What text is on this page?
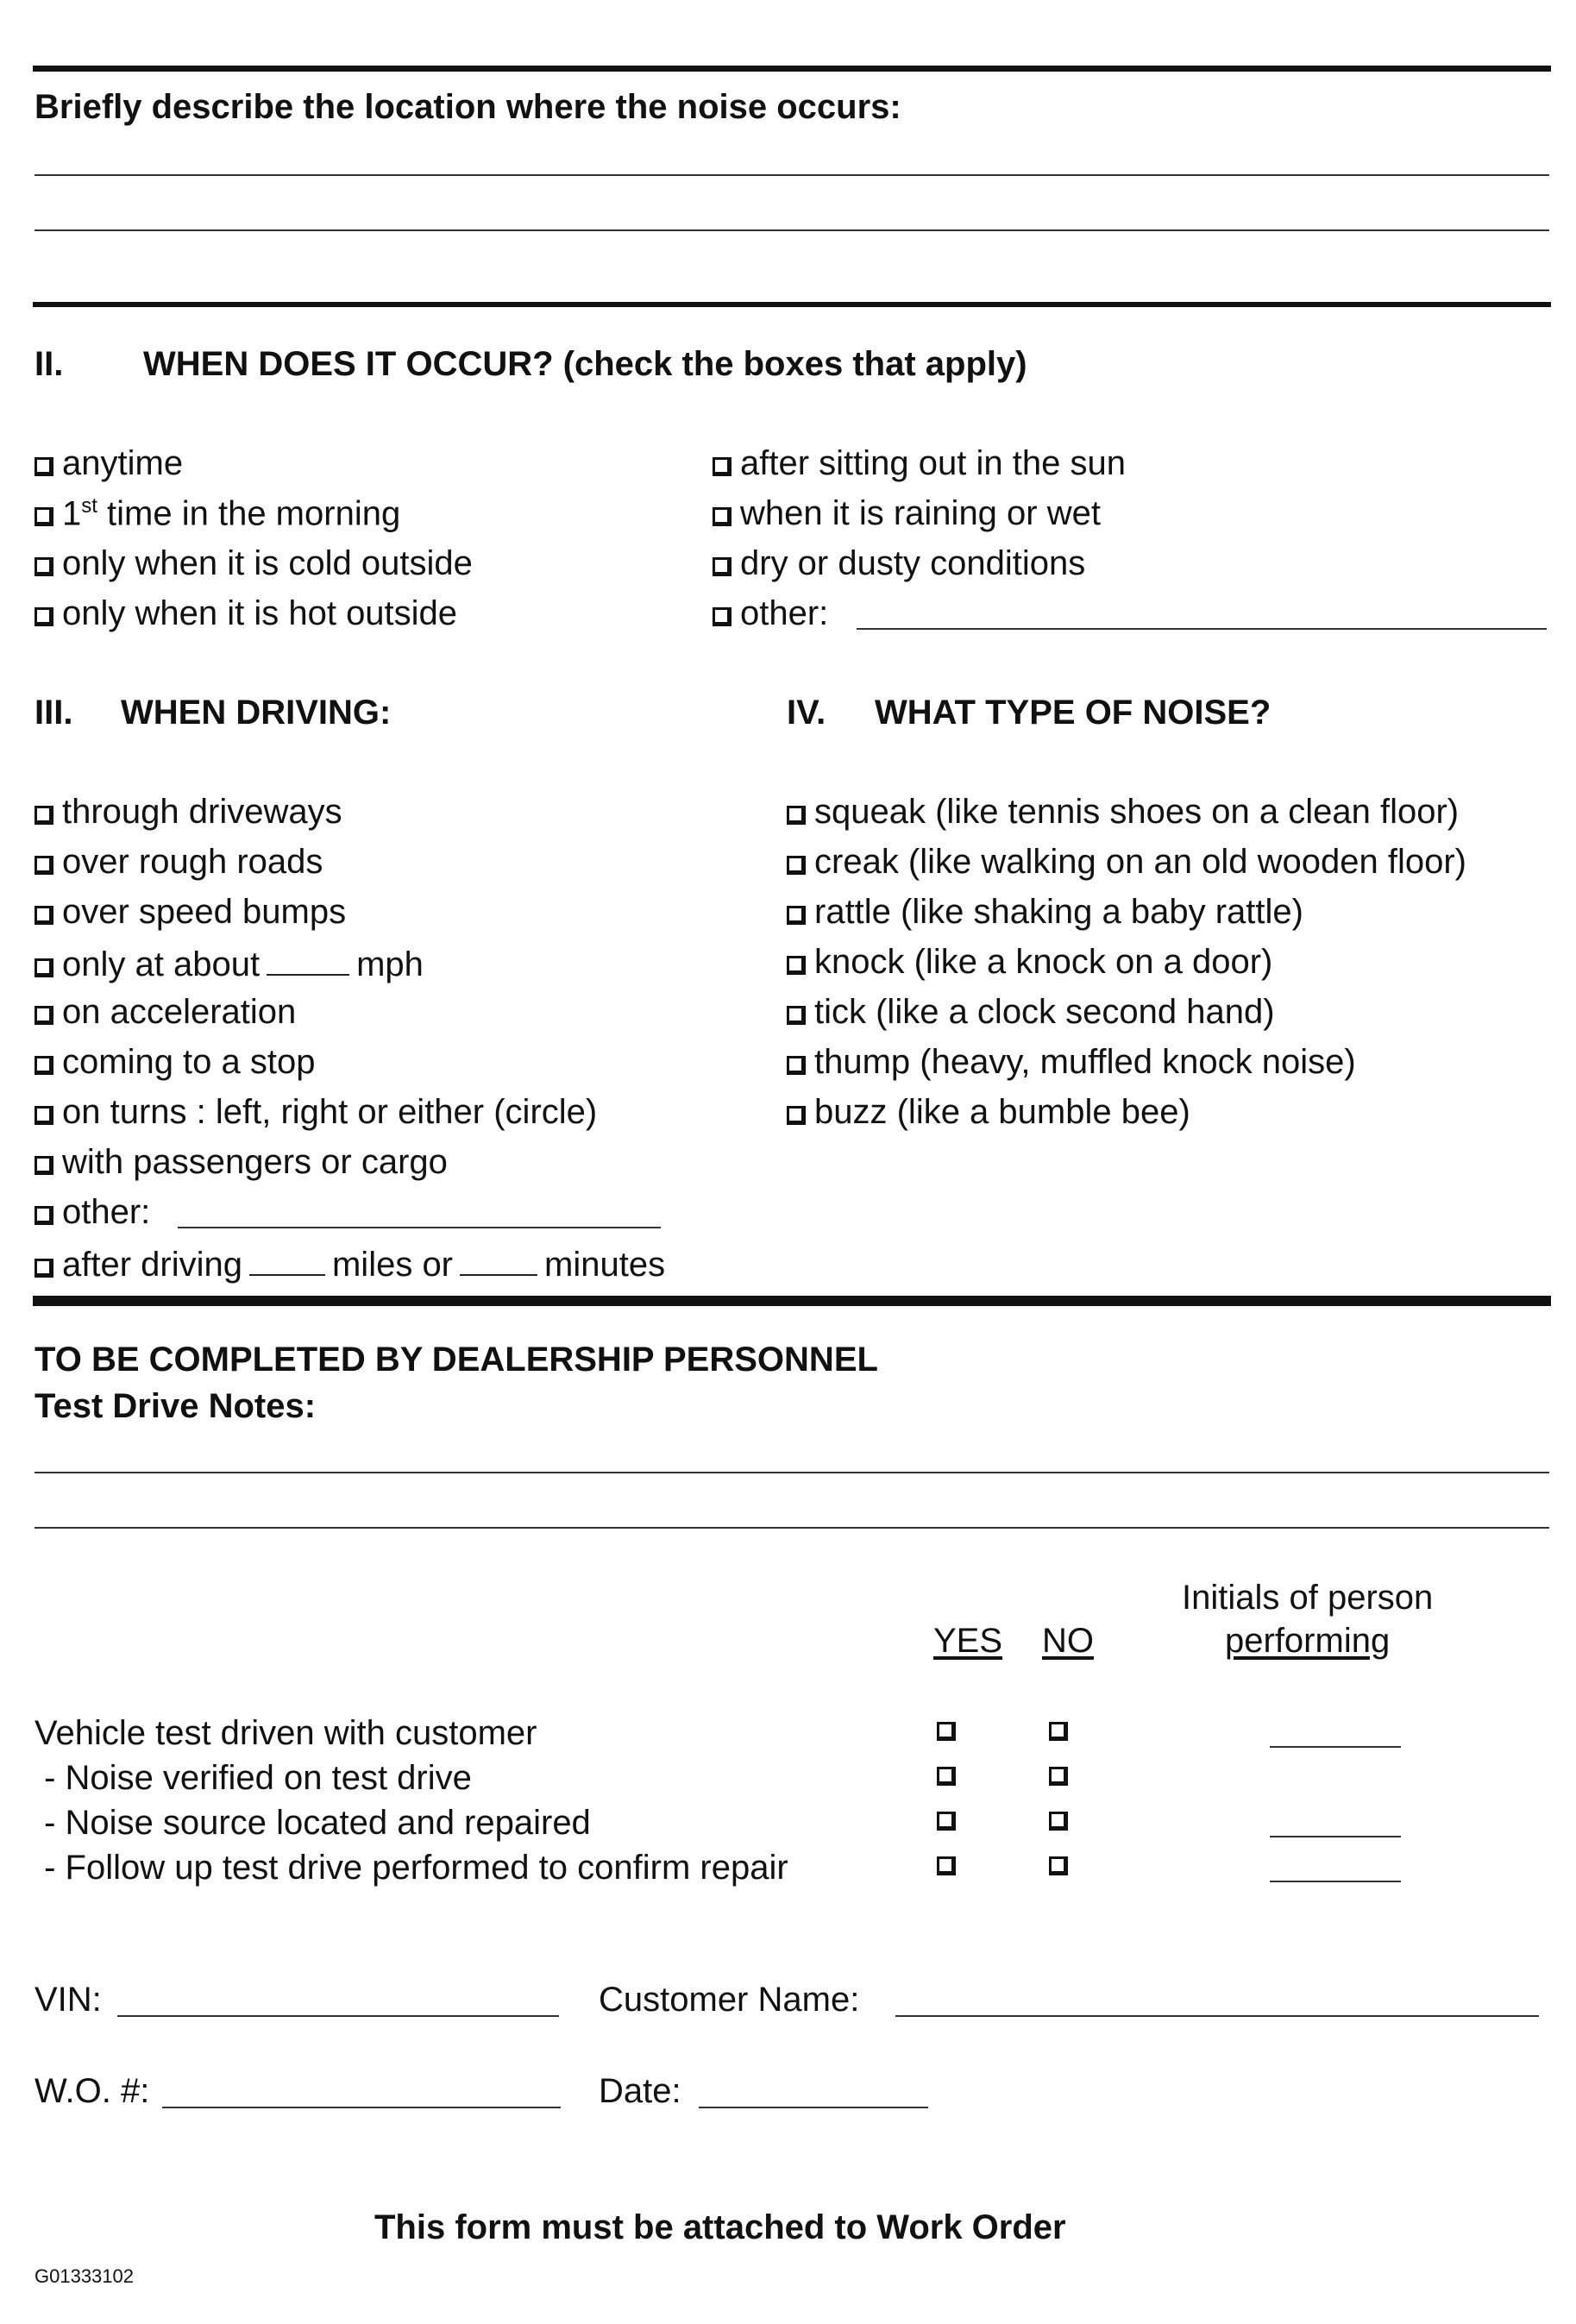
Briefly describe the location where the noise occurs:
II. WHEN DOES IT OCCUR? (check the boxes that apply)
anytime
1st time in the morning
only when it is cold outside
only when it is hot outside
after sitting out in the sun
when it is raining or wet
dry or dusty conditions
other:
III. WHEN DRIVING:
through driveways
over rough roads
over speed bumps
only at about	mph
on acceleration
coming to a stop
on turns : left, right or either (circle)
with passengers or cargo
other:
after driving	miles or	minutes
IV. WHAT TYPE OF NOISE?
squeak (like tennis shoes on a clean floor)
creak (like walking on an old wooden floor)
rattle (like shaking a baby rattle)
knock (like a knock on a door)
tick (like a clock second hand)
thump (heavy, muffled knock noise)
buzz (like a bumble bee)
TO BE COMPLETED BY DEALERSHIP PERSONNEL
Test Drive Notes:
Initials of person
performing
YES NO
Vehicle test driven with customer
- Noise verified on test drive
- Noise source located and repaired
- Follow up test drive performed to confirm repair
VIN:	Customer Name:
W.O. #:	Date:
This form must be attached to Work Order
G01333102
